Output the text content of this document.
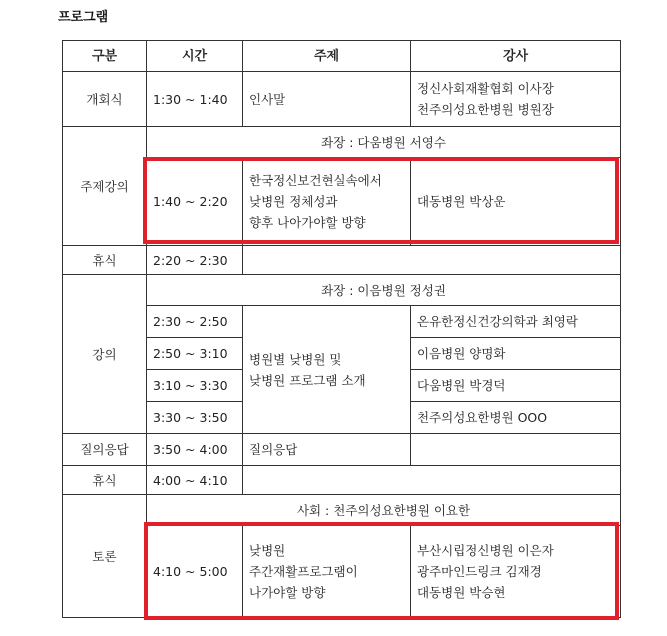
프로그램
구분	시간	주제	강사
개회식	1:30 ~ 1:40	인사말	정신사회재활협회 이사장
천주의성요한병원 병원장

주제강의	좌장 : 다움병원 서영수		
	1:40 ~ 2:20	한국정신보건현실속에서
낮병원 정체성과
향후 나아가야할 방향	대동병원 박상운
휴식	2:20 ~ 2:30		
강의	좌장 : 이음병원 정성권		
	2:30 ~ 2:50	병원별 낮병원 및
낮병원 프로그램 소개	온유한정신건강의학과 최영락
	2:50 ~ 3:10		이음병원 양명화
	3:10 ~ 3:30		다움병원 박경덕
	3:30 ~ 3:50		천주의성요한병원 OOO
질의응답	3:50 ~ 4:00	질의응답	
휴식	4:00 ~ 4:10		
토론	사회 : 천주의성요한병원 이요한		
	4:10 ~ 5:00	낮병원
주간재활프로그램이
나가야할 방향	부산시립정신병원 이은자
광주마인드링크 김재경
대동병원 박승현
